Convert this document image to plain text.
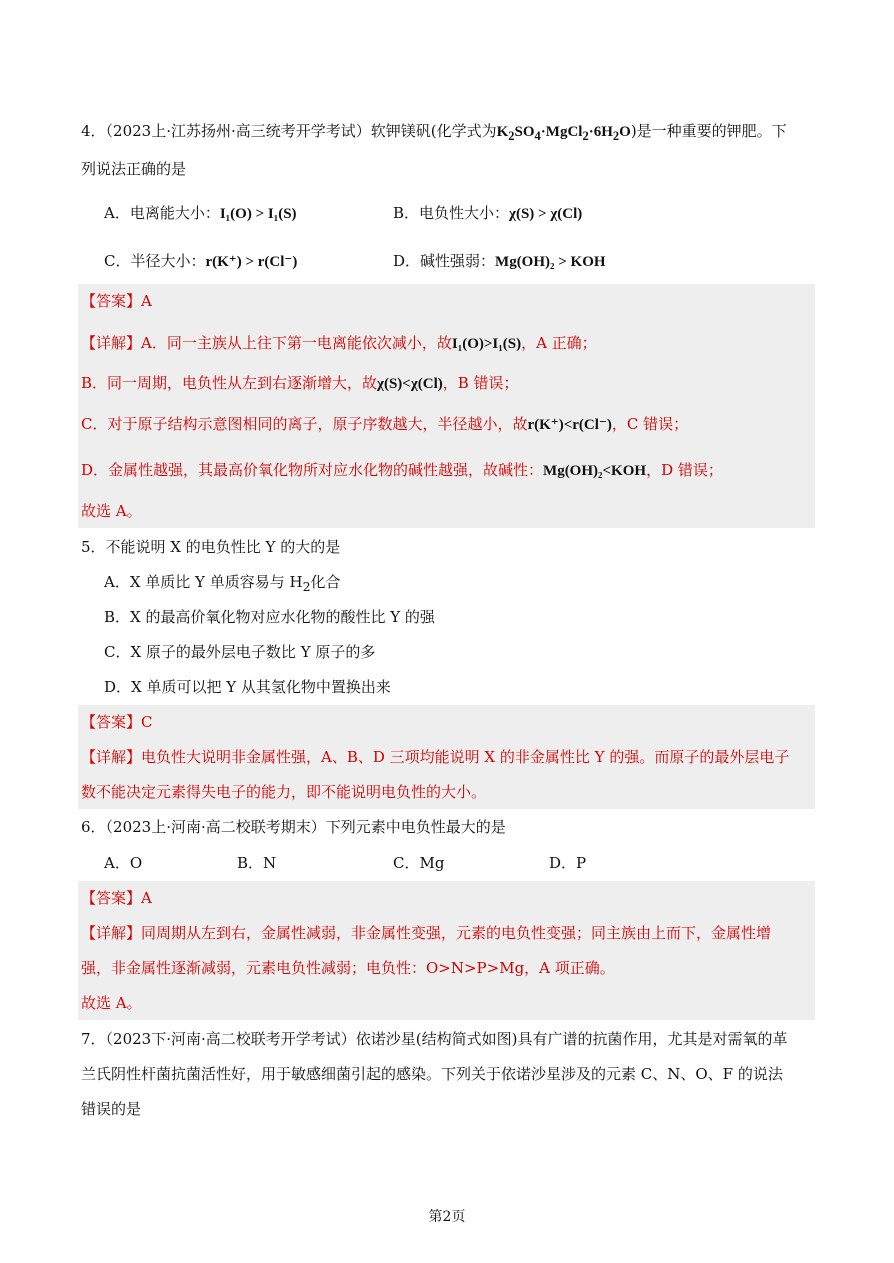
4．（2023上·江苏扬州·高三统考开学考试）软钾镁矾(化学式为$K_2SO_4\cdot MgCl_2\cdot 6H_2O$)是一种重要的钾肥。下
列说法正确的是
A．电离能大小：I₁(O) > I₁(S)	B．电负性大小：χ(S) > χ(Cl)
C．半径大小：r(K⁺) > r(Cl⁻)	D．碱性强弱：Mg(OH)₂ > KOH
【答案】A
【详解】A．同一主族从上往下第一电离能依次减小，故I₁(O)>I₁(S)，A 正确；
B．同一周期，电负性从左到右逐渐增大，故χ(S)<χ(Cl)，B 错误；
C．对于原子结构示意图相同的离子，原子序数越大，半径越小，故r(K⁺)<r(Cl⁻)，C 错误；
D．金属性越强，其最高价氧化物所对应水化物的碱性越强，故碱性：Mg(OH)₂<KOH，D 错误；
故选 A。
5．不能说明 X 的电负性比 Y 的大的是
A．X 单质比 Y 单质容易与 $H_2$化合
B．X 的最高价氧化物对应水化物的酸性比 Y 的强
C．X 原子的最外层电子数比 Y 原子的多
D．X 单质可以把 Y 从其氢化物中置换出来
【答案】C
【详解】电负性大说明非金属性强，A、B、D 三项均能说明 X 的非金属性比 Y 的强。而原子的最外层电子
数不能决定元素得失电子的能力，即不能说明电负性的大小。
6．（2023上·河南·高二校联考期末）下列元素中电负性最大的是
A．O	B．N	C．Mg	D．P
【答案】A
【详解】同周期从左到右，金属性减弱，非金属性变强，元素的电负性变强；同主族由上而下，金属性增
强，非金属性逐渐减弱，元素电负性减弱；电负性：O>N>P>Mg，A 项正确。
故选 A。
7．（2023下·河南·高二校联考开学考试）依诺沙星(结构简式如图)具有广谱的抗菌作用，尤其是对需氧的革
兰氏阴性杆菌抗菌活性好，用于敏感细菌引起的感染。下列关于依诺沙星涉及的元素 C、N、O、F 的说法
错误的是
第2页
